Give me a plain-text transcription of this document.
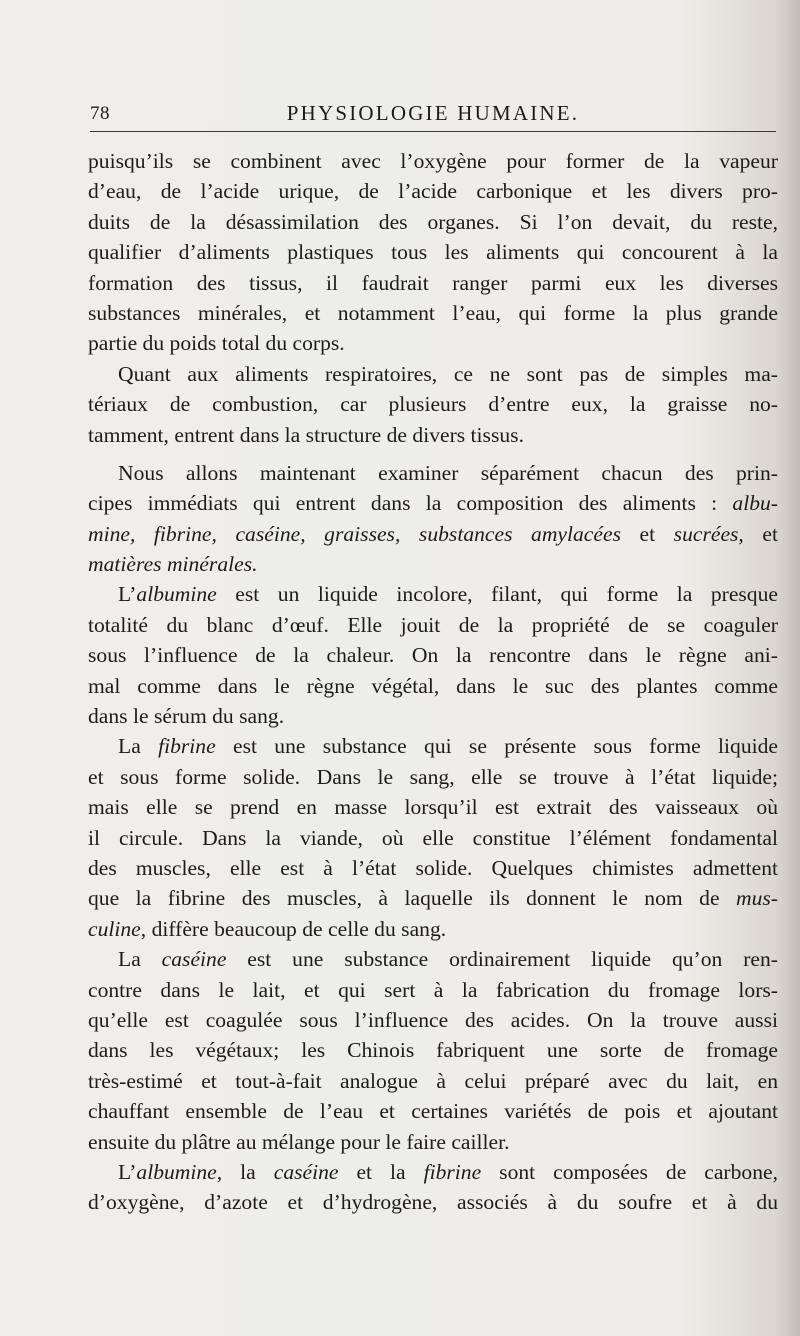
78	PHYSIOLOGIE HUMAINE.
puisqu’ils se combinent avec l’oxygène pour former de la vapeur
d’eau, de l’acide urique, de l’acide carbonique et les divers pro-
duits de la désassimilation des organes. Si l’on devait, du reste,
qualifier d’aliments plastiques tous les aliments qui concourent à la
formation des tissus, il faudrait ranger parmi eux les diverses
substances minérales, et notamment l’eau, qui forme la plus grande
partie du poids total du corps.
Quant aux aliments respiratoires, ce ne sont pas de simples ma-
tériaux de combustion, car plusieurs d’entre eux, la graisse no-
tamment, entrent dans la structure de divers tissus.
Nous allons maintenant examiner séparément chacun des prin-
cipes immédiats qui entrent dans la composition des aliments : albu-
mine, fibrine, caséine, graisses, substances amylacées et sucrées, et
matières minérales.
L’albumine est un liquide incolore, filant, qui forme la presque
totalité du blanc d’œuf. Elle jouit de la propriété de se coaguler
sous l’influence de la chaleur. On la rencontre dans le règne ani-
mal comme dans le règne végétal, dans le suc des plantes comme
dans le sérum du sang.
La fibrine est une substance qui se présente sous forme liquide
et sous forme solide. Dans le sang, elle se trouve à l’état liquide;
mais elle se prend en masse lorsqu’il est extrait des vaisseaux où
il circule. Dans la viande, où elle constitue l’élément fondamental
des muscles, elle est à l’état solide. Quelques chimistes admettent
que la fibrine des muscles, à laquelle ils donnent le nom de mus-
culine, diffère beaucoup de celle du sang.
La caséine est une substance ordinairement liquide qu’on ren-
contre dans le lait, et qui sert à la fabrication du fromage lors-
qu’elle est coagulée sous l’influence des acides. On la trouve aussi
dans les végétaux; les Chinois fabriquent une sorte de fromage
très-estimé et tout-à-fait analogue à celui préparé avec du lait, en
chauffant ensemble de l’eau et certaines variétés de pois et ajoutant
ensuite du plâtre au mélange pour le faire cailler.
L’albumine, la caséine et la fibrine sont composées de carbone,
d’oxygène, d’azote et d’hydrogène, associés à du soufre et à du
